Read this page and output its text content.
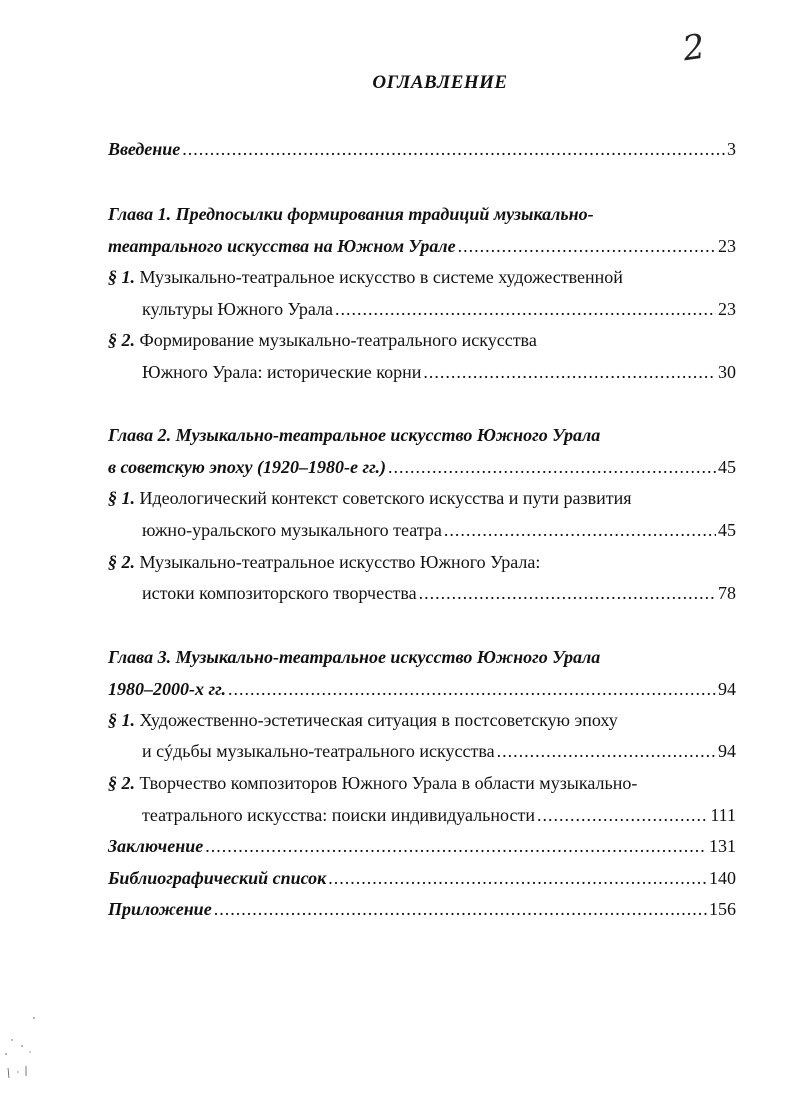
2
ОГЛАВЛЕНИЕ
Введение .....	3
Глава 1. Предпосылки формирования традиций музыкально-
театрального искусства на Южном Урале .....	23
§ 1.
Музыкально-театральное искусство в системе художественной
культуры Южного Урала .....	23
§ 2.
Формирование музыкально-театрального искусства
Южного Урала: исторические корни .....	30
Глава 2. Музыкально-театральное искусство Южного Урала
в советскую эпоху (1920–1980-е гг.) .....	45
§ 1.
Идеологический контекст советского искусства и пути развития
южно-уральского музыкального театра .....	45
§ 2.
Музыкально-театральное искусство Южного Урала:
истоки композиторского творчества .....	78
Глава 3. Музыкально-театральное искусство Южного Урала
1980–2000-х гг. .....	94
§ 1.
Художественно-эстетическая ситуация в постсоветскую эпоху
и сýдьбы музыкально-театрального искусства .....	94
§ 2.
Творчество композиторов Южного Урала в области музыкально-
театрального искусства: поиски индивидуальности .....	111
Заключение .....	131
Библиографический список .....	140
Приложение .....	156
